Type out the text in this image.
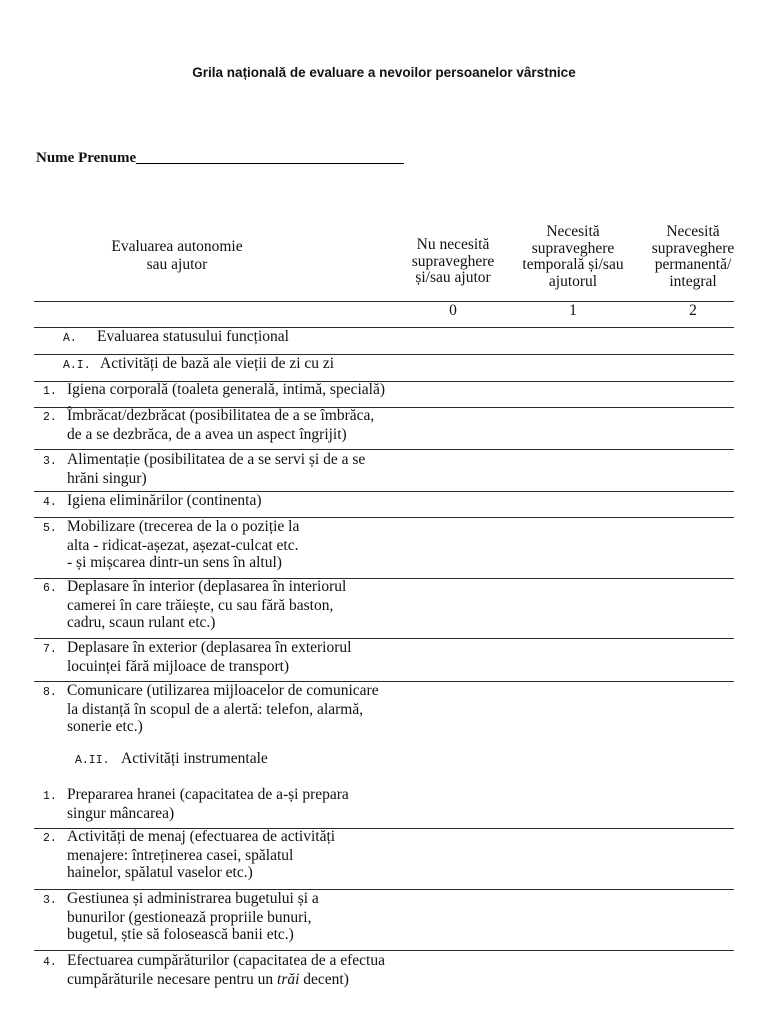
Grila națională de evaluare a nevoilor persoanelor vârstnice
Nume Prenume
Evaluarea autonomie
sau ajutor
Nu necesită
supraveghere
și/sau ajutor
Necesită
supraveghere
temporală și/sau
ajutorul
Necesită
supraveghere
permanentă/
integral
0	1	2
A. Evaluarea statusului funcțional
A.I. Activități de bază ale vieții de zi cu zi
1. Igiena corporală (toaleta generală, intimă, specială)
2. Îmbrăcat/dezbrăcat (posibilitatea de a se îmbrăca,
de a se dezbrăca, de a avea un aspect îngrijit)
3. Alimentație (posibilitatea de a se servi și de a se
hrăni singur)
4. Igiena eliminărilor (continenta)
5. Mobilizare (trecerea de la o poziție la
alta - ridicat-așezat, așezat-culcat etc.
- și mișcarea dintr-un sens în altul)
6. Deplasare în interior (deplasarea în interiorul
camerei în care trăiește, cu sau fără baston,
cadru, scaun rulant etc.)
7. Deplasare în exterior (deplasarea în exteriorul
locuinței fără mijloace de transport)
8. Comunicare (utilizarea mijloacelor de comunicare
la distanță în scopul de a alertă: telefon, alarmă,
sonerie etc.)
A.II. Activități instrumentale
1. Prepararea hranei (capacitatea de a-și prepara
singur mâncarea)
2. Activități de menaj (efectuarea de activități
menajere: întreținerea casei, spălatul
hainelor, spălatul vaselor etc.)
3. Gestiunea și administrarea bugetului și a
bunurilor (gestionează propriile bunuri,
bugetul, știe să folosească banii etc.)
4. Efectuarea cumpărăturilor (capacitatea de a efectua
cumpărăturile necesare pentru un trăi decent)
